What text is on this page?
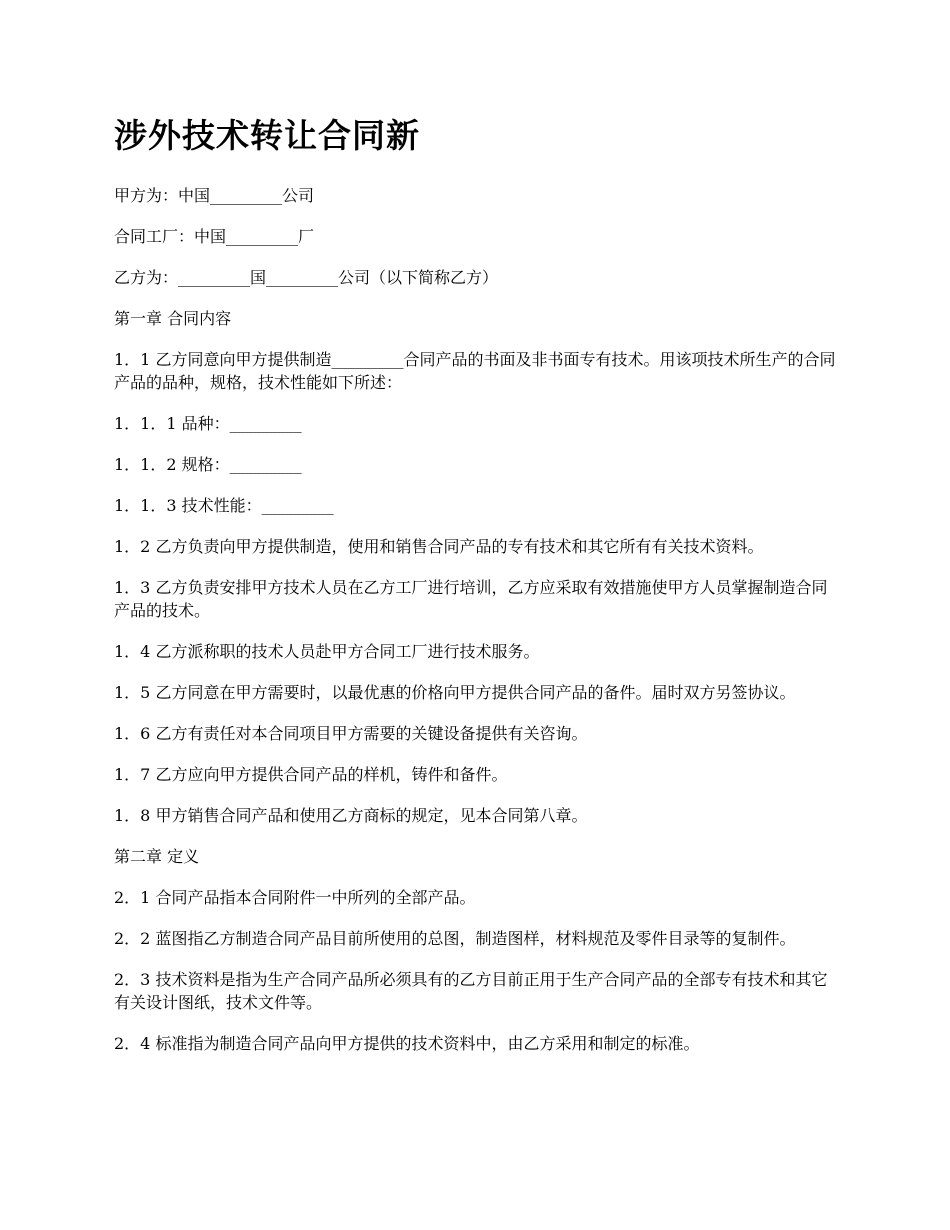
涉外技术转让合同新

甲方为：中国_________公司

合同工厂：中国_________厂

乙方为：_________国_________公司（以下简称乙方）

第一章 合同内容

1．1 乙方同意向甲方提供制造_________合同产品的书面及非书面专有技术。用该项技术所生产的合同产品的品种，规格，技术性能如下所述：

1．1．1 品种：_________

1．1．2 规格：_________

1．1．3 技术性能：_________

1．2 乙方负责向甲方提供制造，使用和销售合同产品的专有技术和其它所有有关技术资料。

1．3 乙方负责安排甲方技术人员在乙方工厂进行培训，乙方应采取有效措施使甲方人员掌握制造合同产品的技术。

1．4 乙方派称职的技术人员赴甲方合同工厂进行技术服务。

1．5 乙方同意在甲方需要时，以最优惠的价格向甲方提供合同产品的备件。届时双方另签协议。

1．6 乙方有责任对本合同项目甲方需要的关键设备提供有关咨询。

1．7 乙方应向甲方提供合同产品的样机，铸件和备件。

1．8 甲方销售合同产品和使用乙方商标的规定，见本合同第八章。

第二章 定义

2．1 合同产品指本合同附件一中所列的全部产品。

2．2 蓝图指乙方制造合同产品目前所使用的总图，制造图样，材料规范及零件目录等的复制件。

2．3 技术资料是指为生产合同产品所必须具有的乙方目前正用于生产合同产品的全部专有技术和其它有关设计图纸，技术文件等。

2．4 标准指为制造合同产品向甲方提供的技术资料中，由乙方采用和制定的标准。
